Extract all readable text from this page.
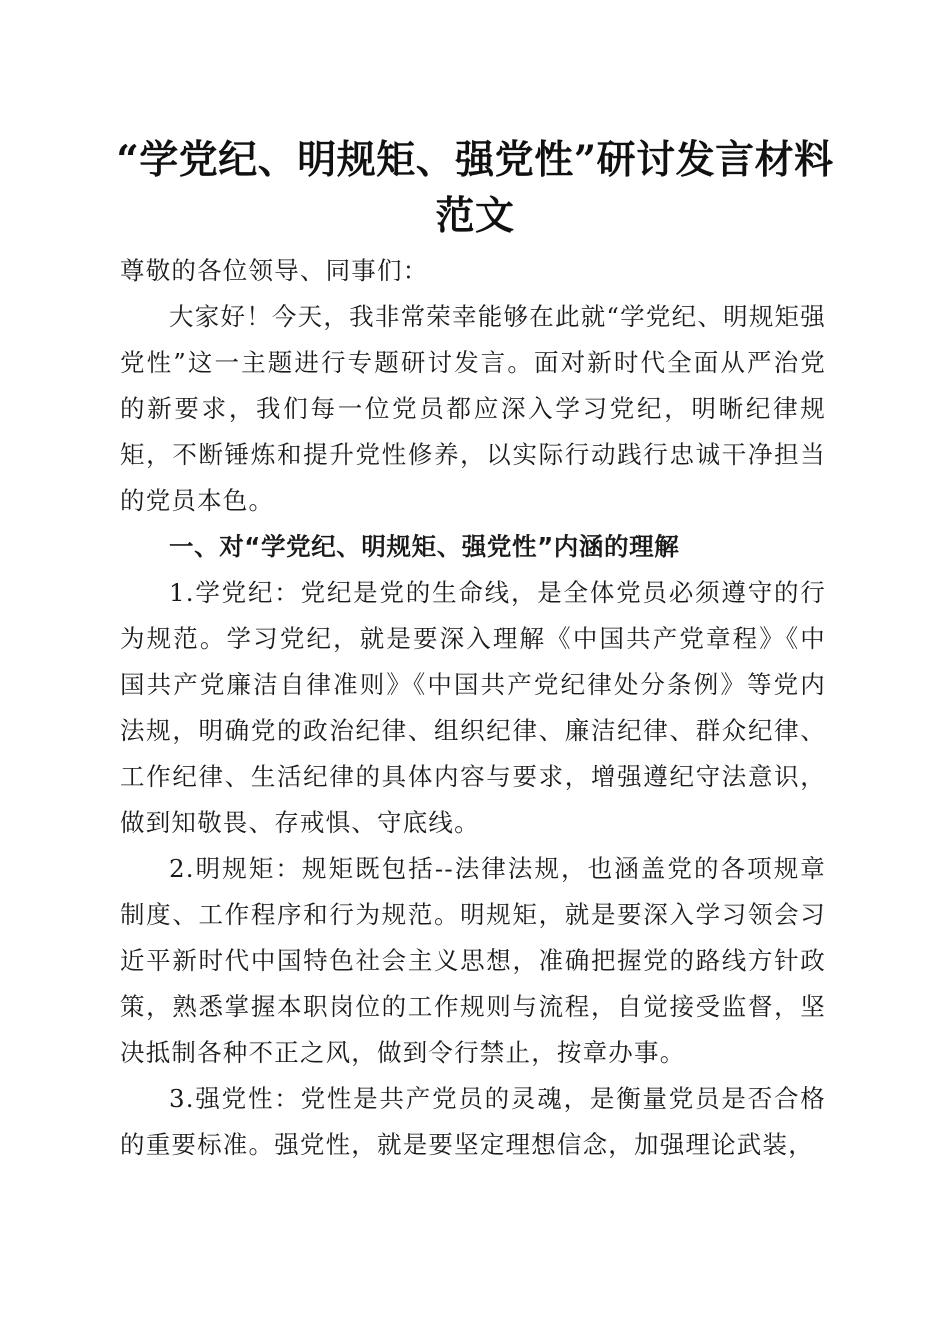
“学党纪、明规矩、强党性”研讨发言材料范文

尊敬的各位领导、同事们：

大家好！今天，我非常荣幸能够在此就“学党纪、明规矩强党性”这一主题进行专题研讨发言。面对新时代全面从严治党的新要求，我们每一位党员都应深入学习党纪，明晰纪律规矩，不断锤炼和提升党性修养，以实际行动践行忠诚干净担当的党员本色。

一、对“学党纪、明规矩、强党性”内涵的理解

1.学党纪：党纪是党的生命线，是全体党员必须遵守的行为规范。学习党纪，就是要深入理解《中国共产党章程》《中国共产党廉洁自律准则》《中国共产党纪律处分条例》等党内法规，明确党的政治纪律、组织纪律、廉洁纪律、群众纪律、工作纪律、生活纪律的具体内容与要求，增强遵纪守法意识，做到知敬畏、存戒惧、守底线。

2.明规矩：规矩既包括--法律法规，也涵盖党的各项规章制度、工作程序和行为规范。明规矩，就是要深入学习领会习近平新时代中国特色社会主义思想，准确把握党的路线方针政策，熟悉掌握本职岗位的工作规则与流程，自觉接受监督，坚决抵制各种不正之风，做到令行禁止，按章办事。

3.强党性：党性是共产党员的灵魂，是衡量党员是否合格的重要标准。强党性，就是要坚定理想信念，加强理论武装，
